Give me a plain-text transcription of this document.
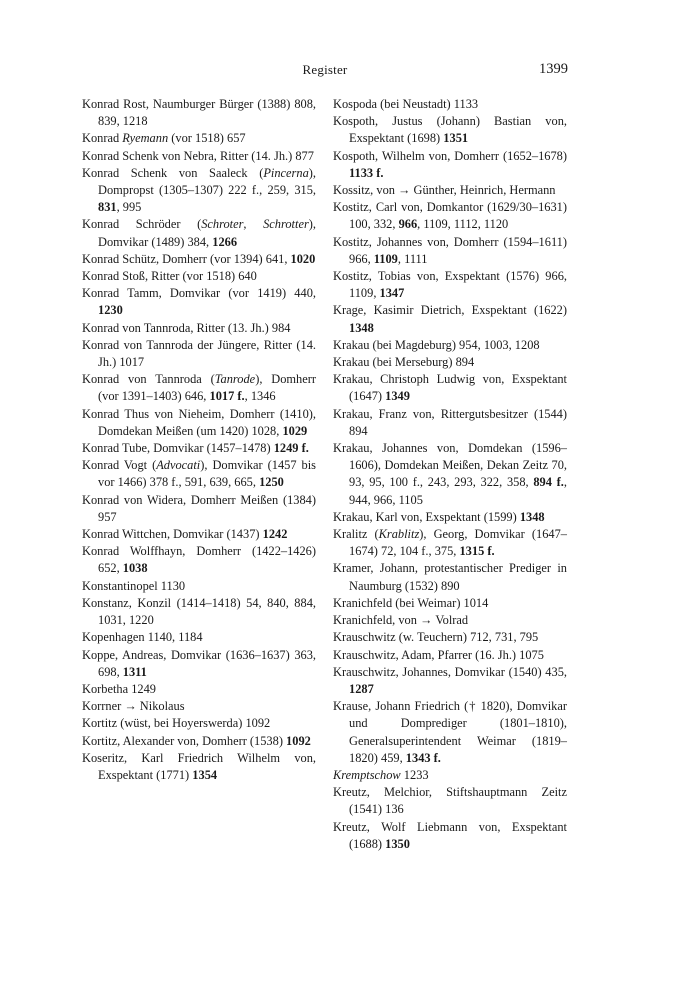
Register	1399

Konrad Rost, Naumburger Bürger (1388) 808, 839, 1218

Konrad Ryemann (vor 1518) 657

Konrad Schenk von Nebra, Ritter (14. Jh.) 877

Konrad Schenk von Saaleck (Pincerna), Dompropst (1305–1307) 222 f., 259, 315, 831, 995

Konrad Schröder (Schroter, Schrotter), Domvikar (1489) 384, 1266

Konrad Schütz, Domherr (vor 1394) 641, 1020

Konrad Stoß, Ritter (vor 1518) 640

Konrad Tamm, Domvikar (vor 1419) 440, 1230

Konrad von Tannroda, Ritter (13. Jh.) 984

Konrad von Tannroda der Jüngere, Ritter (14. Jh.) 1017

Konrad von Tannroda (Tanrode), Domherr (vor 1391–1403) 646, 1017 f., 1346

Konrad Thus von Nieheim, Domherr (1410), Domdekan Meißen (um 1420) 1028, 1029

Konrad Tube, Domvikar (1457–1478) 1249 f.

Konrad Vogt (Advocati), Domvikar (1457 bis vor 1466) 378 f., 591, 639, 665, 1250

Konrad von Widera, Domherr Meißen (1384) 957

Konrad Wittchen, Domvikar (1437) 1242

Konrad Wolffhayn, Domherr (1422–1426) 652, 1038

Konstantinopel 1130

Konstanz, Konzil (1414–1418) 54, 840, 884, 1031, 1220

Kopenhagen 1140, 1184

Koppe, Andreas, Domvikar (1636–1637) 363, 698, 1311

Korbetha 1249

Korrner → Nikolaus

Kortitz (wüst, bei Hoyerswerda) 1092

Kortitz, Alexander von, Domherr (1538) 1092

Koseritz, Karl Friedrich Wilhelm von, Exspektant (1771) 1354

Kospoda (bei Neustadt) 1133

Kospoth, Justus (Johann) Bastian von, Exspektant (1698) 1351

Kospoth, Wilhelm von, Domherr (1652–1678) 1133 f.

Kossitz, von → Günther, Heinrich, Hermann

Kostitz, Carl von, Domkantor (1629/30–1631) 100, 332, 966, 1109, 1112, 1120

Kostitz, Johannes von, Domherr (1594–1611) 966, 1109, 1111

Kostitz, Tobias von, Exspektant (1576) 966, 1109, 1347

Krage, Kasimir Dietrich, Exspektant (1622) 1348

Krakau (bei Magdeburg) 954, 1003, 1208

Krakau (bei Merseburg) 894

Krakau, Christoph Ludwig von, Exspektant (1647) 1349

Krakau, Franz von, Rittergutsbesitzer (1544) 894

Krakau, Johannes von, Domdekan (1596–1606), Domdekan Meißen, Dekan Zeitz 70, 93, 95, 100 f., 243, 293, 322, 358, 894 f., 944, 966, 1105

Krakau, Karl von, Exspektant (1599) 1348

Kralitz (Krablitz), Georg, Domvikar (1647–1674) 72, 104 f., 375, 1315 f.

Kramer, Johann, protestantischer Prediger in Naumburg (1532) 890

Kranichfeld (bei Weimar) 1014

Kranichfeld, von → Volrad

Krauschwitz (w. Teuchern) 712, 731, 795

Krauschwitz, Adam, Pfarrer (16. Jh.) 1075

Krauschwitz, Johannes, Domvikar (1540) 435, 1287

Krause, Johann Friedrich († 1820), Domvikar und Domprediger (1801–1810), Generalsuperintendent Weimar (1819–1820) 459, 1343 f.

Kremptschow 1233

Kreutz, Melchior, Stiftshauptmann Zeitz (1541) 136

Kreutz, Wolf Liebmann von, Exspektant (1688) 1350
